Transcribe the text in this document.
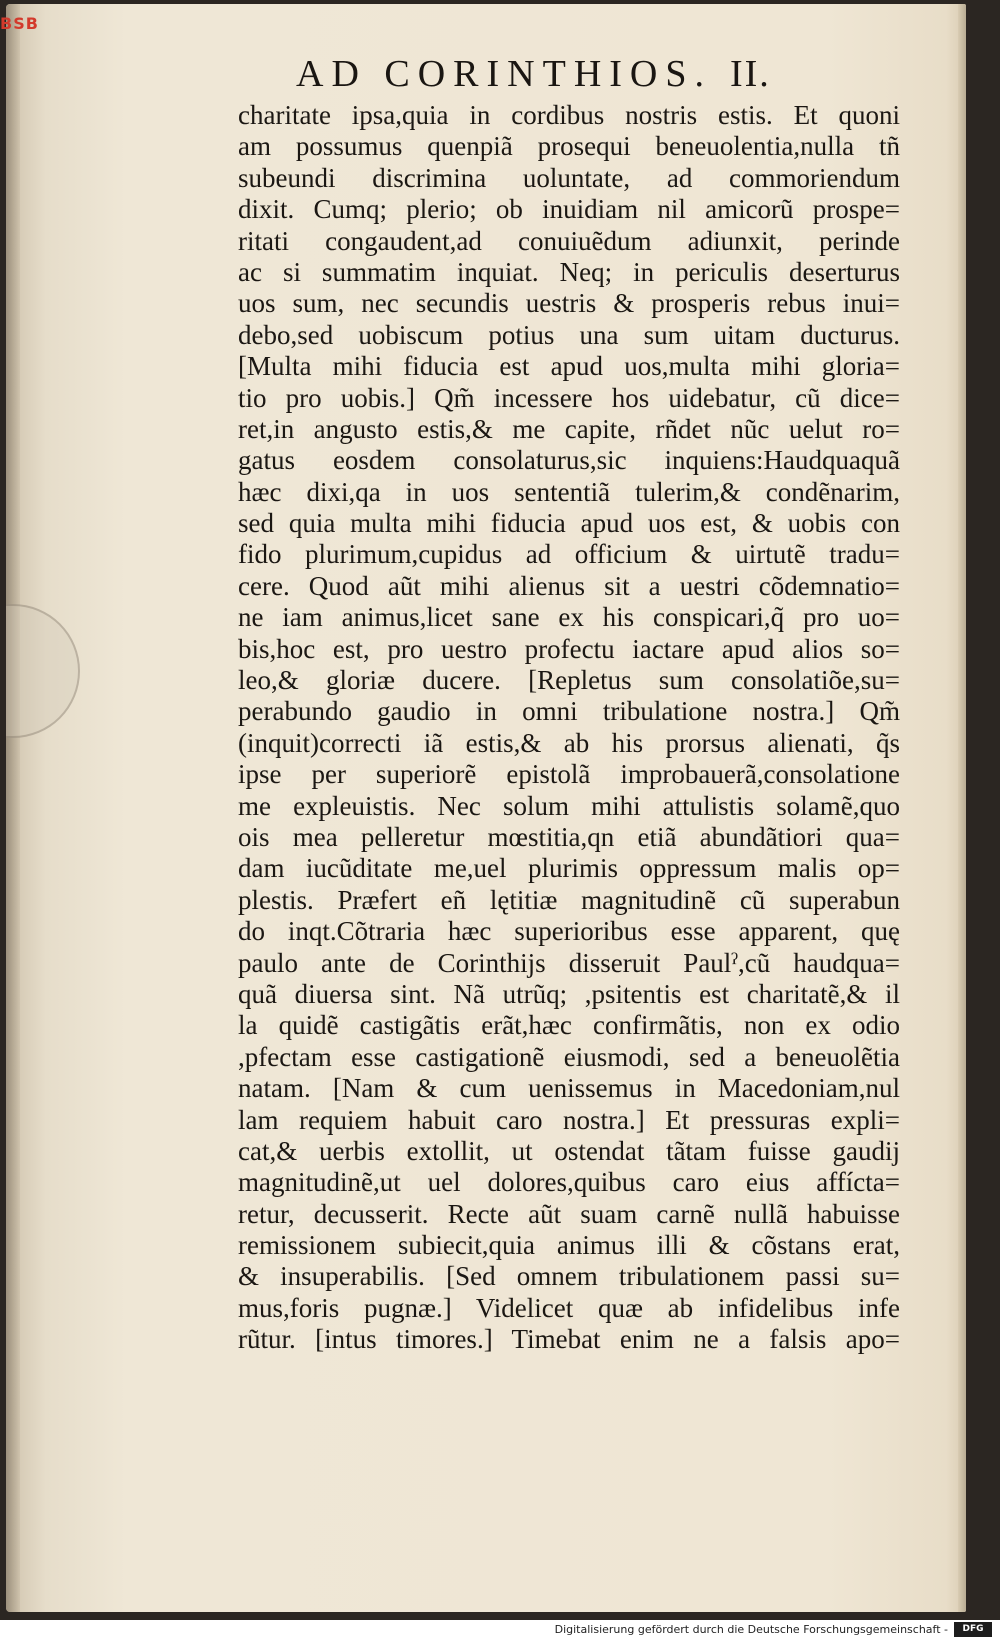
AD CORINTHIOS. II.
charitate ipsa,quia in cordibus nostris estis. Et quoni
am possumus quenpiã prosequi beneuolentia,nulla tñ
subeundi discrimina uoluntate, ad commoriendum
dixit. Cumq; plerio; ob inuidiam nil amicorũ prospe=
ritati congaudent,ad conuiuẽdum adiunxit, perinde
ac si summatim inquiat. Neq; in periculis deserturus
uos sum, nec secundis uestris & prosperis rebus inui=
debo,sed uobiscum potius una sum uitam ducturus.
[Multa mihi fiducia est apud uos,multa mihi gloria=
tio pro uobis.] Qm̃ incessere hos uidebatur, cũ dice=
ret,in angusto estis,& me capite, rñdet nũc uelut ro=
gatus eosdem consolaturus,sic inquiens:Haudquaquã
hæc dixi,qa in uos sententiã tulerim,& condẽnarim,
sed quia multa mihi fiducia apud uos est, & uobis con
fido plurimum,cupidus ad officium & uirtutẽ tradu=
cere. Quod aũt mihi alienus sit a uestri cõdemnatio=
ne iam animus,licet sane ex his conspicari,q̃ pro uo=
bis,hoc est, pro uestro profectu iactare apud alios so=
leo,& gloriæ ducere. [Repletus sum consolatiõe,su=
perabundo gaudio in omni tribulatione nostra.] Qm̃
(inquit)correcti iã estis,& ab his prorsus alienati, q̃s
ipse per superiorẽ epistolã improbauerã,consolatione
me expleuistis. Nec solum mihi attulistis solamẽ,quo
ois mea pelleretur mœstitia,qn etiã abundãtiori qua=
dam iucũditate me,uel plurimis oppressum malis op=
plestis. Præfert eñ lętitiæ magnitudinẽ cũ superabun
do inqt.Cõtraria hæc superioribus esse apparent, quę
paulo ante de Corinthijs disseruit Paulˀ,cũ haudqua=
quã diuersa sint. Nã utrũq; ,psitentis est charitatẽ,& il
la quidẽ castigãtis erãt,hæc confirmãtis, non ex odio
,pfectam esse castigationẽ eiusmodi, sed a beneuolẽtia
natam. [Nam & cum uenissemus in Macedoniam,nul
lam requiem habuit caro nostra.] Et pressuras expli=
cat,& uerbis extollit, ut ostendat tãtam fuisse gaudij
magnitudinẽ,ut uel dolores,quibus caro eius affícta=
retur, decusserit. Recte aũt suam carnẽ nullã habuisse
remissionem subiecit,quia animus illi & cõstans erat,
& insuperabilis. [Sed omnem tribulationem passi su=
mus,foris pugnæ.] Videlicet quæ ab infidelibus infe
rũtur. [intus timores.] Timebat enim ne a falsis apo=
BSB
Digitalisierung gefördert durch die Deutsche Forschungsgemeinschaft -	DFG
